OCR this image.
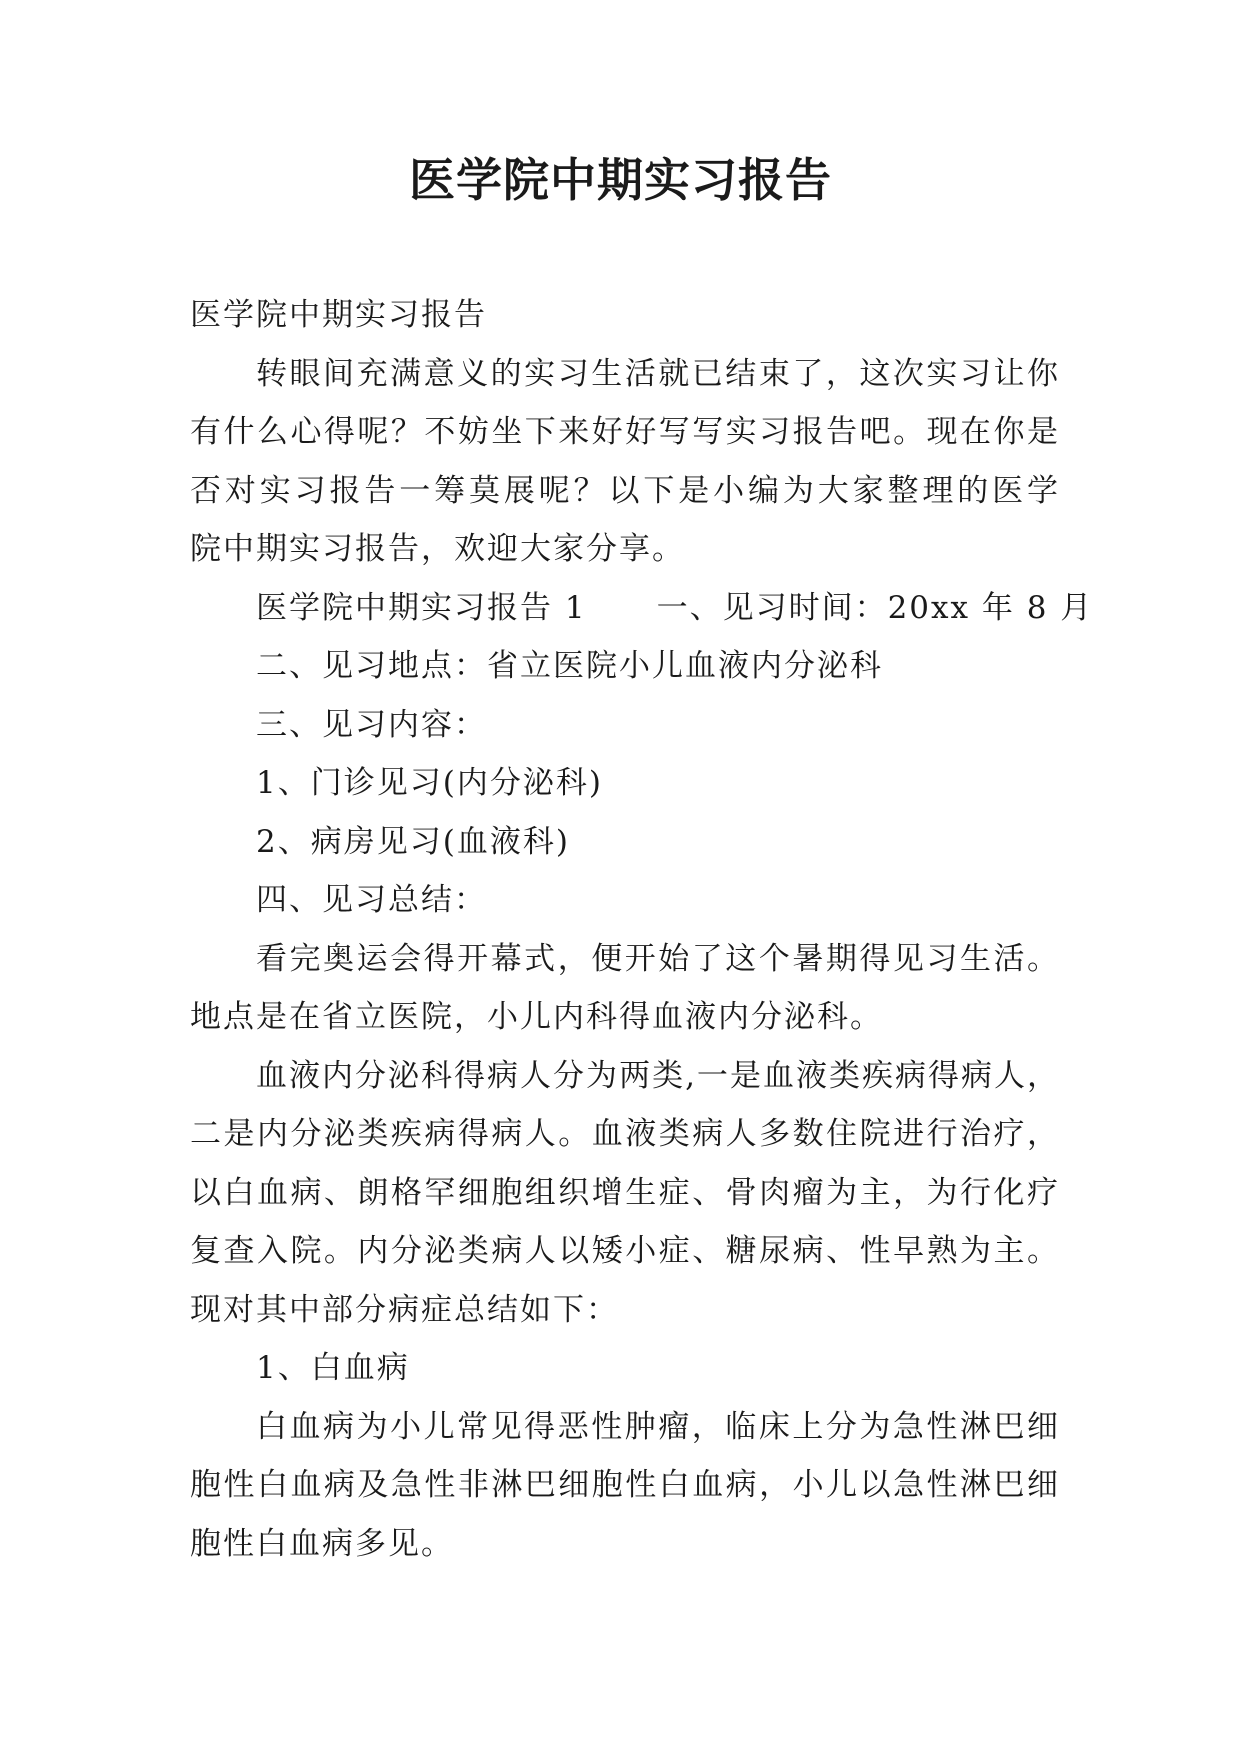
医学院中期实习报告
医学院中期实习报告
转眼间充满意义的实习生活就已结束了，这次实习让你
有什么心得呢？不妨坐下来好好写写实习报告吧。现在你是
否对实习报告一筹莫展呢？以下是小编为大家整理的医学
院中期实习报告，欢迎大家分享。
医学院中期实习报告 1 一、见习时间：20xx 年 8 月
二、见习地点：省立医院小儿血液内分泌科
三、见习内容：
1、门诊见习(内分泌科)
2、病房见习(血液科)
四、见习总结：
看完奥运会得开幕式，便开始了这个暑期得见习生活。
地点是在省立医院，小儿内科得血液内分泌科。
血液内分泌科得病人分为两类,一是血液类疾病得病人，
二是内分泌类疾病得病人。血液类病人多数住院进行治疗，
以白血病、朗格罕细胞组织增生症、骨肉瘤为主，为行化疗
复查入院。内分泌类病人以矮小症、糖尿病、性早熟为主。
现对其中部分病症总结如下：
1、白血病
白血病为小儿常见得恶性肿瘤，临床上分为急性淋巴细
胞性白血病及急性非淋巴细胞性白血病，小儿以急性淋巴细
胞性白血病多见。
